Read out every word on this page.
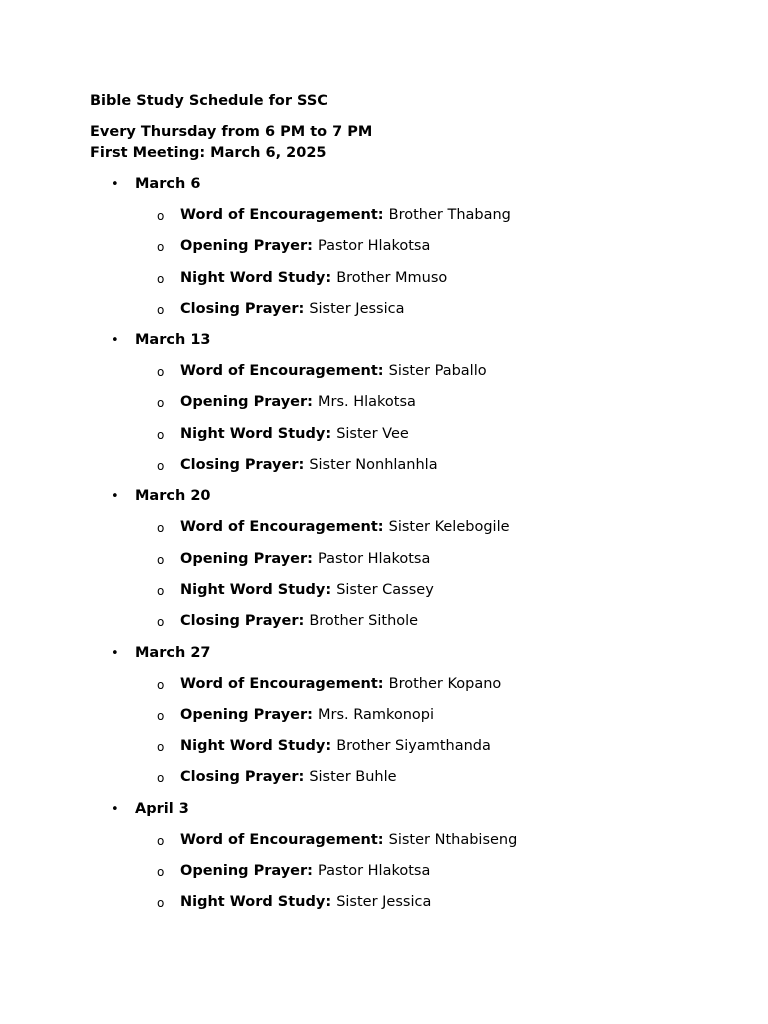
Bible Study Schedule for SSC
Every Thursday from 6 PM to 7 PM
First Meeting: March 6, 2025
• March 6
o Word of Encouragement: Brother Thabang
o Opening Prayer: Pastor Hlakotsa
o Night Word Study: Brother Mmuso
o Closing Prayer: Sister Jessica
• March 13
o Word of Encouragement: Sister Paballo
o Opening Prayer: Mrs. Hlakotsa
o Night Word Study: Sister Vee
o Closing Prayer: Sister Nonhlanhla
• March 20
o Word of Encouragement: Sister Kelebogile
o Opening Prayer: Pastor Hlakotsa
o Night Word Study: Sister Cassey
o Closing Prayer: Brother Sithole
• March 27
o Word of Encouragement: Brother Kopano
o Opening Prayer: Mrs. Ramkonopi
o Night Word Study: Brother Siyamthanda
o Closing Prayer: Sister Buhle
• April 3
o Word of Encouragement: Sister Nthabiseng
o Opening Prayer: Pastor Hlakotsa
o Night Word Study: Sister Jessica
